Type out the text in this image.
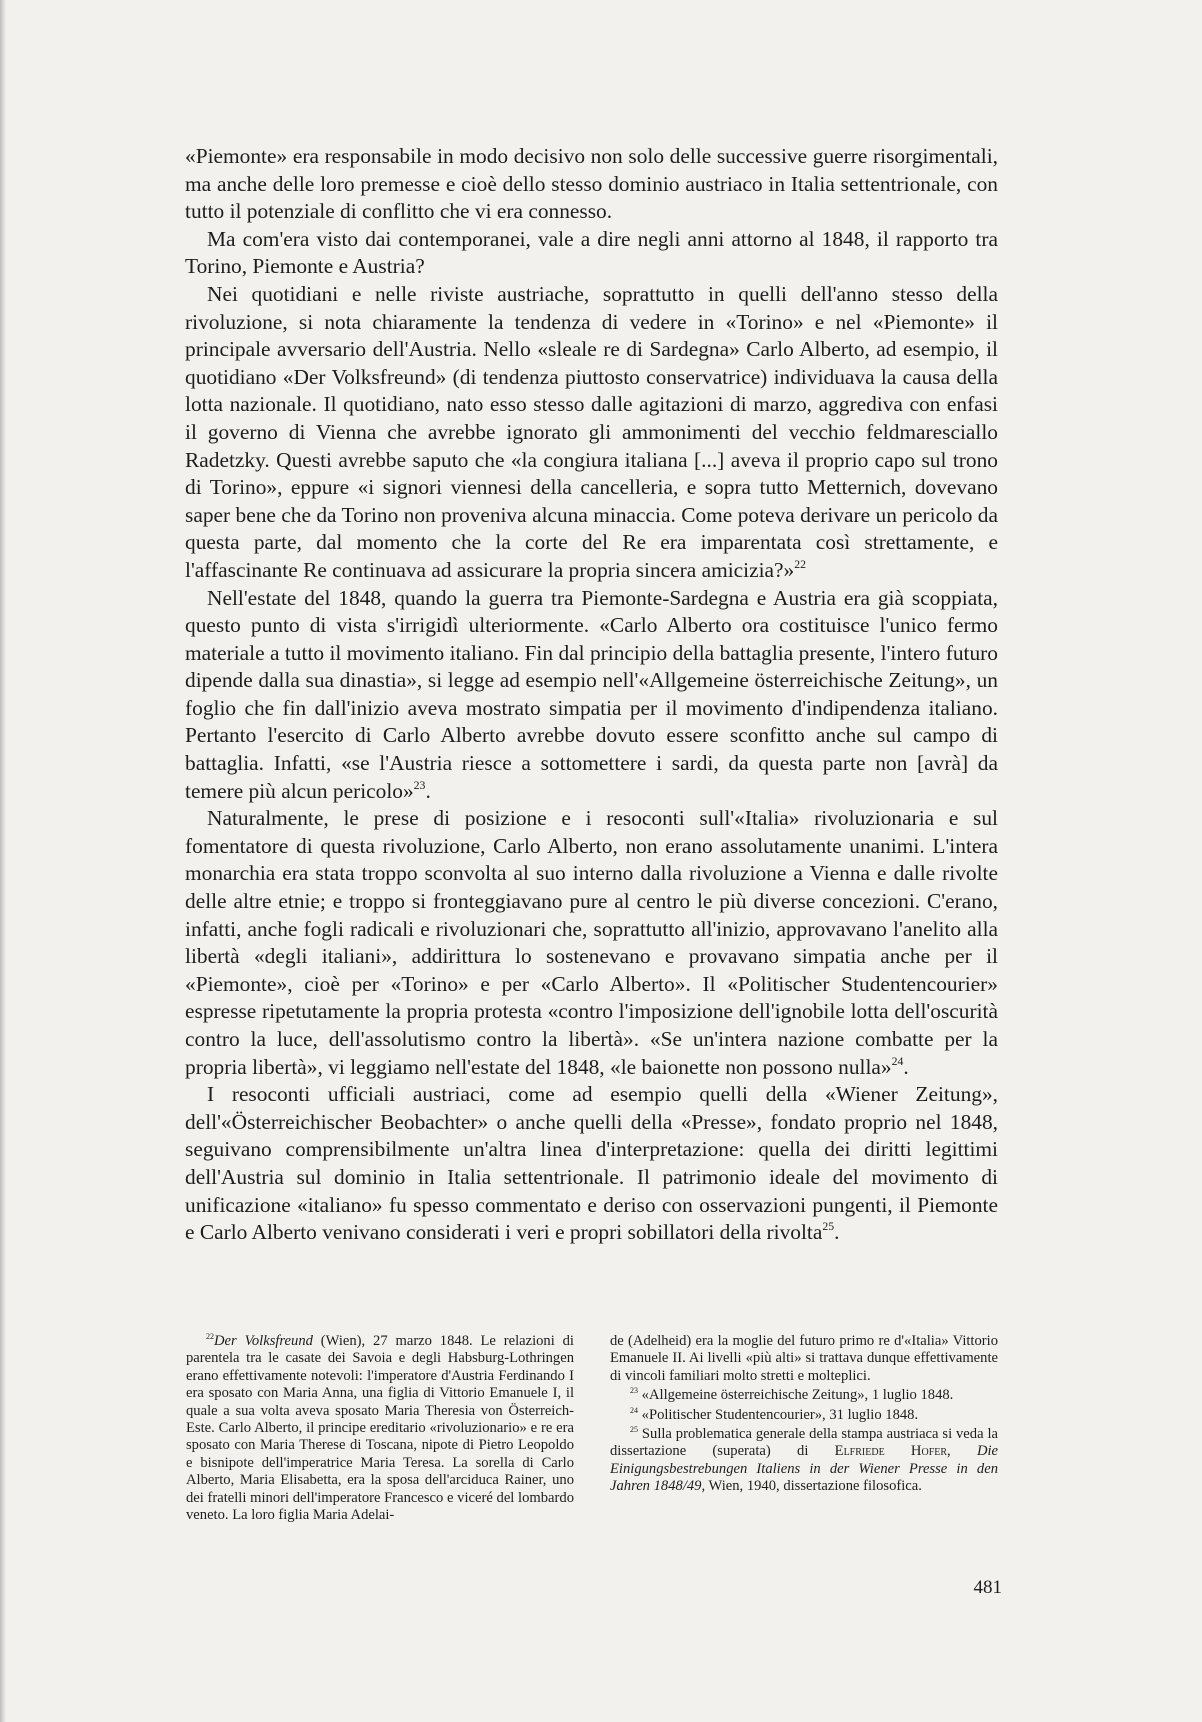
«Piemonte» era responsabile in modo decisivo non solo delle successive guerre risorgimentali, ma anche delle loro premesse e cioè dello stesso dominio austriaco in Italia settentrionale, con tutto il potenziale di conflitto che vi era connesso.

Ma com'era visto dai contemporanei, vale a dire negli anni attorno al 1848, il rapporto tra Torino, Piemonte e Austria?

Nei quotidiani e nelle riviste austriache, soprattutto in quelli dell'anno stesso della rivoluzione, si nota chiaramente la tendenza di vedere in «Torino» e nel «Piemonte» il principale avversario dell'Austria. Nello «sleale re di Sardegna» Carlo Alberto, ad esempio, il quotidiano «Der Volksfreund» (di tendenza piuttosto conservatrice) individuava la causa della lotta nazionale. Il quotidiano, nato esso stesso dalle agitazioni di marzo, aggrediva con enfasi il governo di Vienna che avrebbe ignorato gli ammonimenti del vecchio feldmaresciallo Radetzky. Questi avrebbe saputo che «la congiura italiana [...] aveva il proprio capo sul trono di Torino», eppure «i signori viennesi della cancelleria, e sopra tutto Metternich, dovevano saper bene che da Torino non proveniva alcuna minaccia. Come poteva derivare un pericolo da questa parte, dal momento che la corte del Re era imparentata così strettamente, e l'affascinante Re continuava ad assicurare la propria sincera amicizia?»$^{22}$

Nell'estate del 1848, quando la guerra tra Piemonte-Sardegna e Austria era già scoppiata, questo punto di vista s'irrigidì ulteriormente. «Carlo Alberto ora costituisce l'unico fermo materiale a tutto il movimento italiano. Fin dal principio della battaglia presente, l'intero futuro dipende dalla sua dinastia», si legge ad esempio nell'«Allgemeine österreichische Zeitung», un foglio che fin dall'inizio aveva mostrato simpatia per il movimento d'indipendenza italiano. Pertanto l'esercito di Carlo Alberto avrebbe dovuto essere sconfitto anche sul campo di battaglia. Infatti, «se l'Austria riesce a sottomettere i sardi, da questa parte non [avrà] da temere più alcun pericolo»$^{23}$.

Naturalmente, le prese di posizione e i resoconti sull'«Italia» rivoluzionaria e sul fomentatore di questa rivoluzione, Carlo Alberto, non erano assolutamente unanimi. L'intera monarchia era stata troppo sconvolta al suo interno dalla rivoluzione a Vienna e dalle rivolte delle altre etnie; e troppo si fronteggiavano pure al centro le più diverse concezioni. C'erano, infatti, anche fogli radicali e rivoluzionari che, soprattutto all'inizio, approvavano l'anelito alla libertà «degli italiani», addirittura lo sostenevano e provavano simpatia anche per il «Piemonte», cioè per «Torino» e per «Carlo Alberto». Il «Politischer Studentencourier» espresse ripetutamente la propria protesta «contro l'imposizione dell'ignobile lotta dell'oscurità contro la luce, dell'assolutismo contro la libertà». «Se un'intera nazione combatte per la propria libertà», vi leggiamo nell'estate del 1848, «le baionette non possono nulla»$^{24}$.

I resoconti ufficiali austriaci, come ad esempio quelli della «Wiener Zeitung», dell'«Österreichischer Beobachter» o anche quelli della «Presse», fondato proprio nel 1848, seguivano comprensibilmente un'altra linea d'interpretazione: quella dei diritti legittimi dell'Austria sul dominio in Italia settentrionale. Il patrimonio ideale del movimento di unificazione «italiano» fu spesso commentato e deriso con osservazioni pungenti, il Piemonte e Carlo Alberto venivano considerati i veri e propri sobillatori della rivolta$^{25}$.

$^{22}$Der Volksfreund (Wien), 27 marzo 1848. Le relazioni di parentela tra le casate dei Savoia e degli Habsburg-Lothringen erano effettivamente notevoli: l'imperatore d'Austria Ferdinando I era sposato con Maria Anna, una figlia di Vittorio Emanuele I, il quale a sua volta aveva sposato Maria Theresia von Österreich-Este. Carlo Alberto, il principe ereditario «rivoluzionario» e re era sposato con Maria Therese di Toscana, nipote di Pietro Leopoldo e bisnipote dell'imperatrice Maria Teresa. La sorella di Carlo Alberto, Maria Elisabetta, era la sposa dell'arciduca Rainer, uno dei fratelli minori dell'imperatore Francesco e viceré del lombardo veneto. La loro figlia Maria Adelai-

de (Adelheid) era la moglie del futuro primo re d'«Italia» Vittorio Emanuele II. Ai livelli «più alti» si trattava dunque effettivamente di vincoli familiari molto stretti e molteplici.

$^{23}$ «Allgemeine österreichische Zeitung», 1 luglio 1848.

$^{24}$ «Politischer Studentencourier», 31 luglio 1848.

$^{25}$ Sulla problematica generale della stampa austriaca si veda la dissertazione (superata) di Elfriede Hofer, Die Einigungsbestrebungen Italiens in der Wiener Presse in den Jahren 1848/49, Wien, 1940, dissertazione filosofica.

481
